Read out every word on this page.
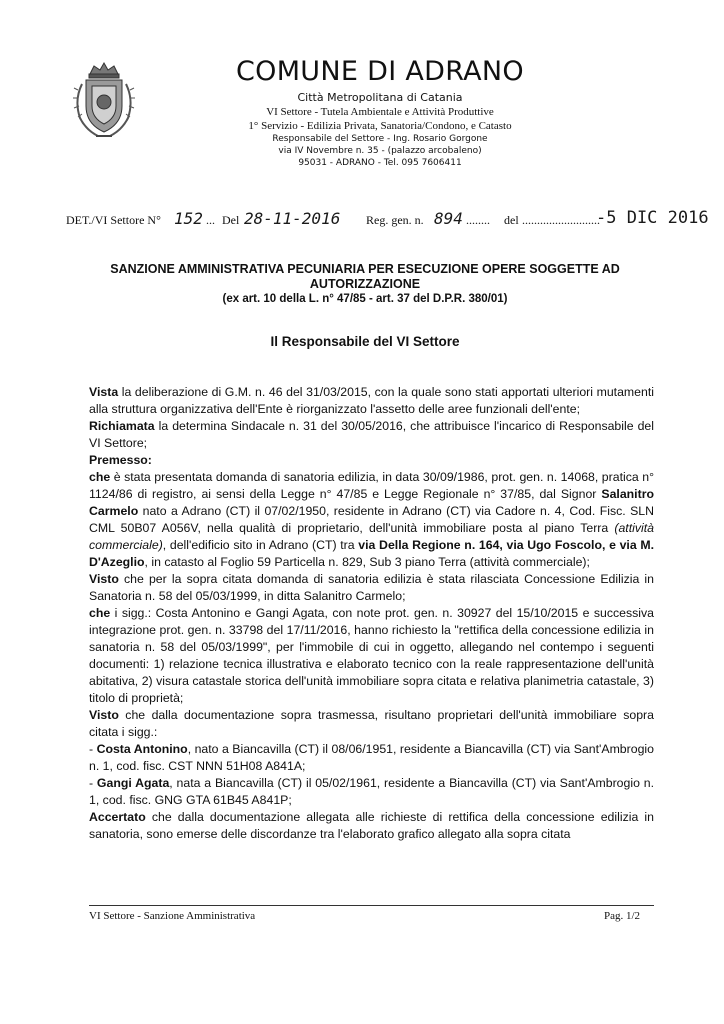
COMUNE DI ADRANO
Città Metropolitana di Catania
VI Settore - Tutela Ambientale e Attività Produttive
1° Servizio - Edilizia Privata, Sanatoria/Condono, e Catasto
Responsabile del Settore - Ing. Rosario Gorgone
via IV Novembre n. 35 - (palazzo arcobaleno)
95031 - ADRANO - Tel. 095 7606411
DET./VI Settore N° 152 ... Del 28-11-2016 Reg. gen. n. 894 ........ del ..........................
-5 DIC 2016
SANZIONE AMMINISTRATIVA PECUNIARIA PER ESECUZIONE OPERE SOGGETTE AD
AUTORIZZAZIONE
(ex art. 10 della L. n° 47/85 - art. 37 del D.P.R. 380/01)
Il Responsabile del VI Settore

Vista la deliberazione di G.M. n. 46 del 31/03/2015, con la quale sono stati apportati ulteriori mutamenti alla struttura organizzativa dell'Ente è riorganizzato l'assetto delle aree funzionali dell'ente;

Richiamata la determina Sindacale n. 31 del 30/05/2016, che attribuisce l'incarico di Responsabile del VI Settore;

Premesso:

che è stata presentata domanda di sanatoria edilizia, in data 30/09/1986, prot. gen. n. 14068, pratica n° 1124/86 di registro, ai sensi della Legge n° 47/85 e Legge Regionale n° 37/85, dal Signor Salanitro Carmelo nato a Adrano (CT) il 07/02/1950, residente in Adrano (CT) via Cadore n. 4, Cod. Fisc. SLN CML 50B07 A056V, nella qualità di proprietario, dell'unità immobiliare posta al piano Terra (attività commerciale), dell'edificio sito in Adrano (CT) tra via Della Regione n. 164, via Ugo Foscolo, e via M. D'Azeglio, in catasto al Foglio 59 Particella n. 829, Sub 3 piano Terra (attività commerciale);

Visto che per la sopra citata domanda di sanatoria edilizia è stata rilasciata Concessione Edilizia in Sanatoria n. 58 del 05/03/1999, in ditta Salanitro Carmelo;

che i sigg.: Costa Antonino e Gangi Agata, con note prot. gen. n. 30927 del 15/10/2015 e successiva integrazione prot. gen. n. 33798 del 17/11/2016, hanno richiesto la "rettifica della concessione edilizia in sanatoria n. 58 del 05/03/1999", per l'immobile di cui in oggetto, allegando nel contempo i seguenti documenti: 1) relazione tecnica illustrativa e elaborato tecnico con la reale rappresentazione dell'unità abitativa, 2) visura catastale storica dell'unità immobiliare sopra citata e relativa planimetria catastale, 3) titolo di proprietà;

Visto che dalla documentazione sopra trasmessa, risultano proprietari dell'unità immobiliare sopra citata i sigg.:

- Costa Antonino, nato a Biancavilla (CT) il 08/06/1951, residente a Biancavilla (CT) via Sant'Ambrogio n. 1, cod. fisc. CST NNN 51H08 A841A;

- Gangi Agata, nata a Biancavilla (CT) il 05/02/1961, residente a Biancavilla (CT) via Sant'Ambrogio n. 1, cod. fisc. GNG GTA 61B45 A841P;

Accertato che dalla documentazione allegata alle richieste di rettifica della concessione edilizia in sanatoria, sono emerse delle discordanze tra l'elaborato grafico allegato alla sopra citata

VI Settore - Sanzione Amministrativa	Pag. 1/2
